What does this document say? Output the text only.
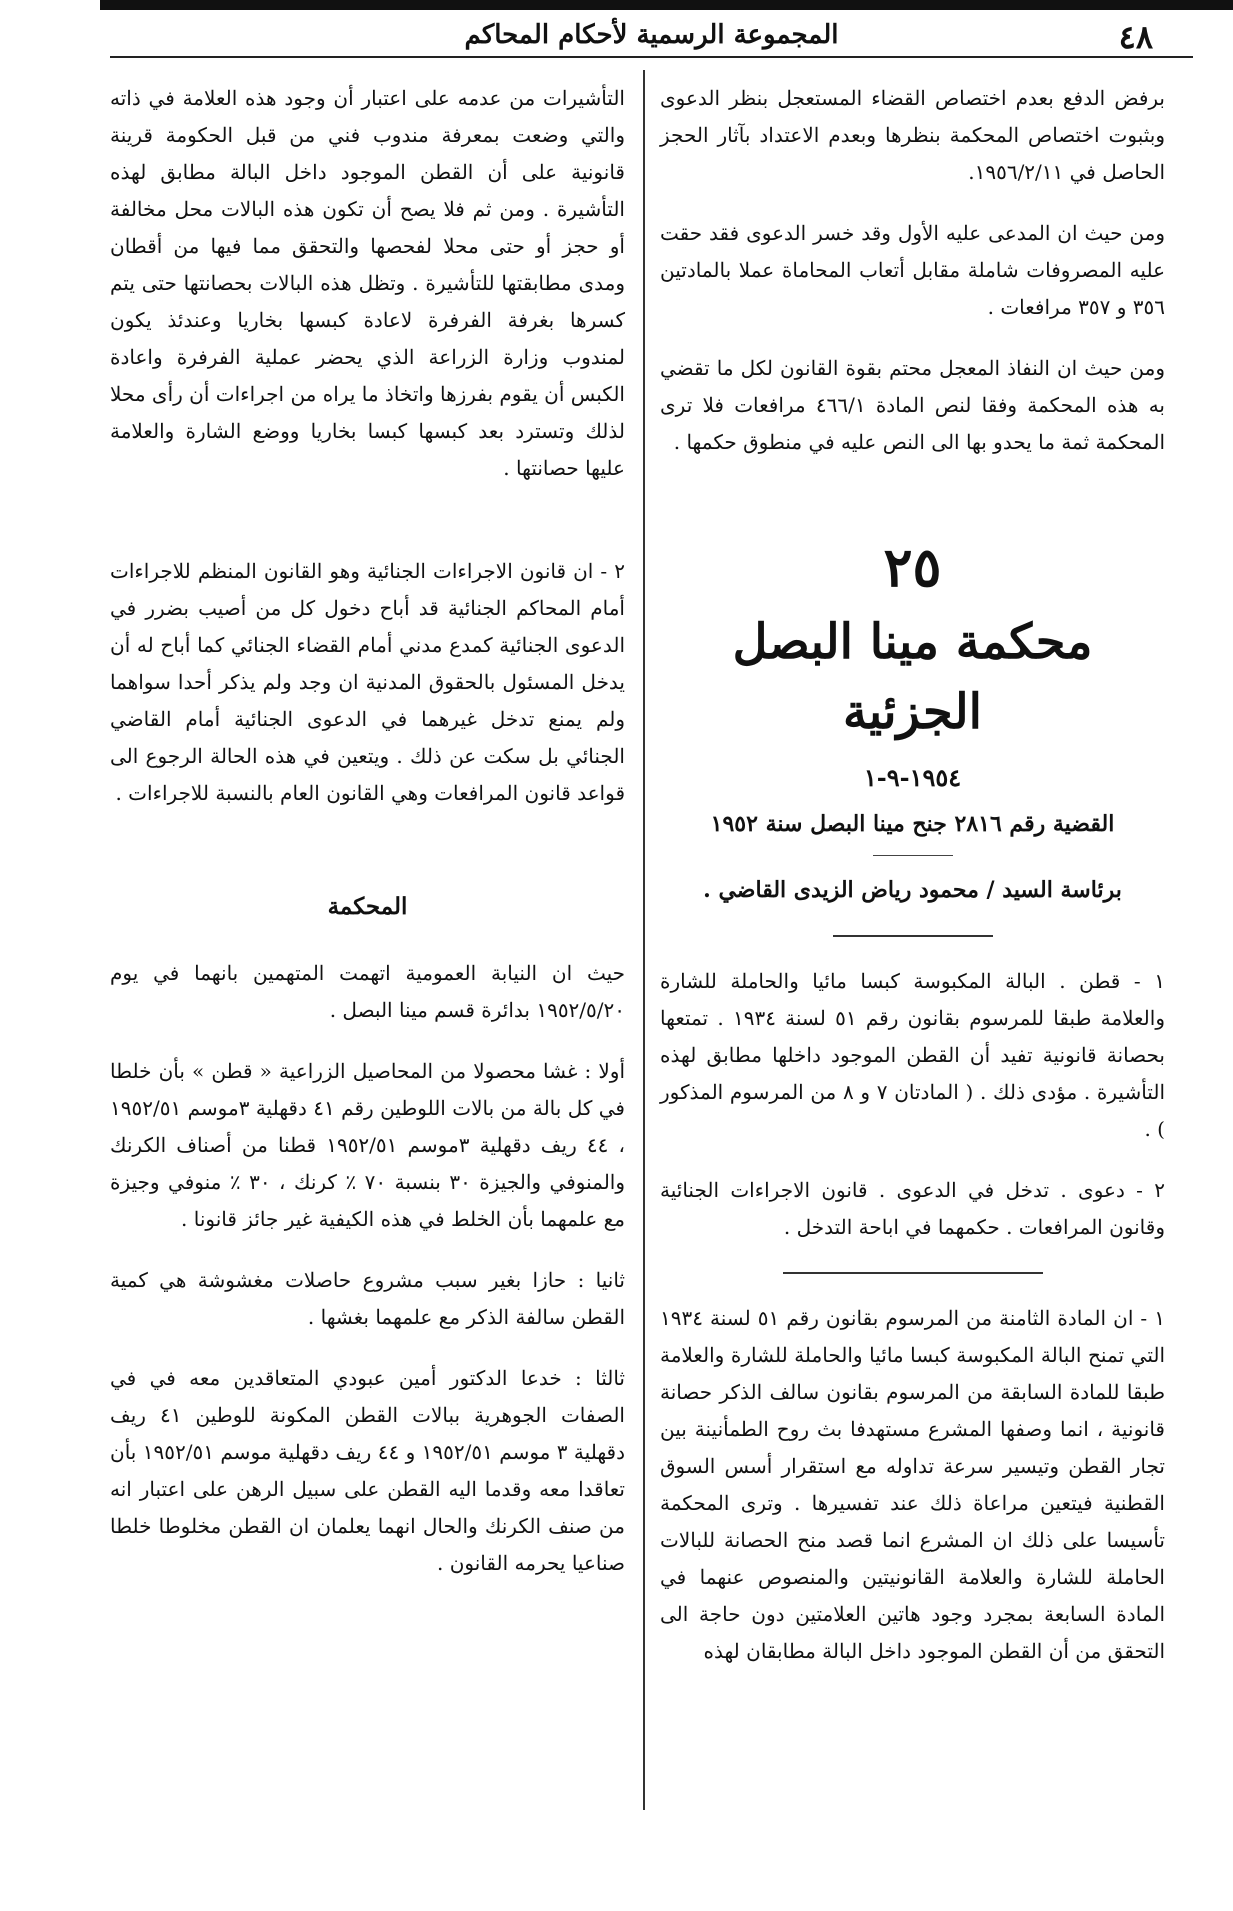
٤٨
المجموعة الرسمية لأحكام المحاكم

برفض الدفع بعدم اختصاص القضاء المستعجل بنظر الدعوى وبثبوت اختصاص المحكمة بنظرها وبعدم الاعتداد بآثار الحجز الحاصل في ١٩٥٦/٢/١١.

ومن حيث ان المدعى عليه الأول وقد خسر الدعوى فقد حقت عليه المصروفات شاملة مقابل أتعاب المحاماة عملا بالمادتين ٣٥٦ و ٣٥٧ مرافعات .

ومن حيث ان النفاذ المعجل محتم بقوة القانون لكل ما تقضي به هذه المحكمة وفقا لنص المادة ٤٦٦/١ مرافعات فلا ترى المحكمة ثمة ما يحدو بها الى النص عليه في منطوق حكمها .

٢٥
محكمة مينا البصل الجزئية
١٩٥٤-٩-١
القضية رقم ٢٨١٦ جنح مينا البصل سنة ١٩٥٢
برئاسة السيد / محمود رياض الزيدى القاضي .

١ - قطن . البالة المكبوسة كبسا مائيا والحاملة للشارة والعلامة طبقا للمرسوم بقانون رقم ٥١ لسنة ١٩٣٤ . تمتعها بحصانة قانونية تفيد أن القطن الموجود داخلها مطابق لهذه التأشيرة . مؤدى ذلك . ( المادتان ٧ و ٨ من المرسوم المذكور ) .

٢ - دعوى . تدخل في الدعوى . قانون الاجراءات الجنائية وقانون المرافعات . حكمهما في اباحة التدخل .

١ - ان المادة الثامنة من المرسوم بقانون رقم ٥١ لسنة ١٩٣٤ التي تمنح البالة المكبوسة كبسا مائيا والحاملة للشارة والعلامة طبقا للمادة السابقة من المرسوم بقانون سالف الذكر حصانة قانونية ، انما وصفها المشرع مستهدفا بث روح الطمأنينة بين تجار القطن وتيسير سرعة تداوله مع استقرار أسس السوق القطنية فيتعين مراعاة ذلك عند تفسيرها . وترى المحكمة تأسيسا على ذلك ان المشرع انما قصد منح الحصانة للبالات الحاملة للشارة والعلامة القانونيتين والمنصوص عنهما في المادة السابعة بمجرد وجود هاتين العلامتين دون حاجة الى التحقق من أن القطن الموجود داخل البالة مطابقان لهذه

التأشيرات من عدمه على اعتبار أن وجود هذه العلامة في ذاته والتي وضعت بمعرفة مندوب فني من قبل الحكومة قرينة قانونية على أن القطن الموجود داخل البالة مطابق لهذه التأشيرة . ومن ثم فلا يصح أن تكون هذه البالات محل مخالفة أو حجز أو حتى محلا لفحصها والتحقق مما فيها من أقطان ومدى مطابقتها للتأشيرة . وتظل هذه البالات بحصانتها حتى يتم كسرها بغرفة الفرفرة لاعادة كبسها بخاريا وعندئذ يكون لمندوب وزارة الزراعة الذي يحضر عملية الفرفرة واعادة الكبس أن يقوم بفرزها واتخاذ ما يراه من اجراءات أن رأى محلا لذلك وتسترد بعد كبسها كبسا بخاريا ووضع الشارة والعلامة عليها حصانتها .

٢ - ان قانون الاجراءات الجنائية وهو القانون المنظم للاجراءات أمام المحاكم الجنائية قد أباح دخول كل من أصيب بضرر في الدعوى الجنائية كمدع مدني أمام القضاء الجنائي كما أباح له أن يدخل المسئول بالحقوق المدنية ان وجد ولم يذكر أحدا سواهما ولم يمنع تدخل غيرهما في الدعوى الجنائية أمام القاضي الجنائي بل سكت عن ذلك . ويتعين في هذه الحالة الرجوع الى قواعد قانون المرافعات وهي القانون العام بالنسبة للاجراءات .

المحكمة

حيث ان النيابة العمومية اتهمت المتهمين بانهما في يوم ١٩٥٢/٥/٢٠ بدائرة قسم مينا البصل .

أولا : غشا محصولا من المحاصيل الزراعية « قطن » بأن خلطا في كل بالة من بالات اللوطين رقم ٤١ دقهلية ٣موسم ١٩٥٢/٥١ ، ٤٤ ريف دقهلية ٣موسم ١٩٥٢/٥١ قطنا من أصناف الكرنك والمنوفي والجيزة ٣٠ بنسبة ٧٠ ٪ كرنك ، ٣٠ ٪ منوفي وجيزة مع علمهما بأن الخلط في هذه الكيفية غير جائز قانونا .

ثانيا : حازا بغير سبب مشروع حاصلات مغشوشة هي كمية القطن سالفة الذكر مع علمهما بغشها .

ثالثا : خدعا الدكتور أمين عبودي المتعاقدين معه في في الصفات الجوهرية ببالات القطن المكونة للوطين ٤١ ريف دقهلية ٣ موسم ١٩٥٢/٥١ و ٤٤ ريف دقهلية موسم ١٩٥٢/٥١ بأن تعاقدا معه وقدما اليه القطن على سبيل الرهن على اعتبار انه من صنف الكرنك والحال انهما يعلمان ان القطن مخلوطا خلطا صناعيا يحرمه القانون .
